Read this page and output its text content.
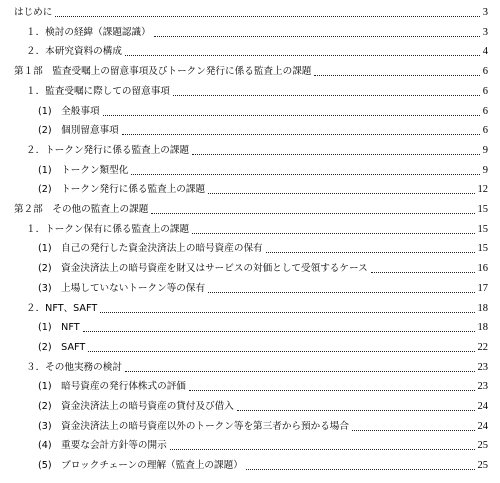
はじめに	3
１．検討の経緯（課題認識）	3
２．本研究資料の構成	4
第１部　監査受嘱上の留意事項及びトークン発行に係る監査上の課題	6
１．監査受嘱に際しての留意事項	6
(1)　全般事項	6
(2)　個別留意事項	6
２．トークン発行に係る監査上の課題	9
(1)　トークン類型化	9
(2)　トークン発行に係る監査上の課題	12
第２部　その他の監査上の課題	15
１．トークン保有に係る監査上の課題	15
(1)　自己の発行した資金決済法上の暗号資産の保有	15
(2)　資金決済法上の暗号資産を財又はサービスの対価として受領するケース	16
(3)　上場していないトークン等の保有	17
２．NFT、SAFT	18
(1)　NFT	18
(2)　SAFT	22
３．その他実務の検討	23
(1)　暗号資産の発行体株式の評価	23
(2)　資金決済法上の暗号資産の貸付及び借入	24
(3)　資金決済法上の暗号資産以外のトークン等を第三者から預かる場合	24
(4)　重要な会計方針等の開示	25
(5)　ブロックチェーンの理解（監査上の課題）	25
